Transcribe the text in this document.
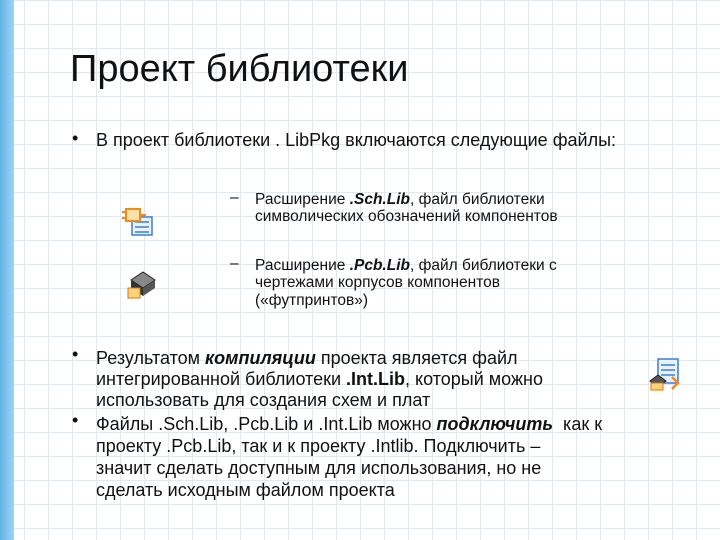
Проект библиотеки
• В проект библиотеки . LibPkg включаются следующие файлы:
– Расширение .Sch.Lib, файл библиотеки
символических обозначений компонентов
– Расширение .Pcb.Lib, файл библиотеки с
чертежами корпусов компонентов
(«футпринтов»)
• Результатом компиляции проекта является файл
интегрированной библиотеки .Int.Lib, который можно
использовать для создания схем и плат
• Файлы .Sch.Lib, .Pcb.Lib и .Int.Lib можно подключить  как к
проекту .Pcb.Lib, так и к проекту .Intlib. Подключить –
значит сделать доступным для использования, но не
сделать исходным файлом проекта
